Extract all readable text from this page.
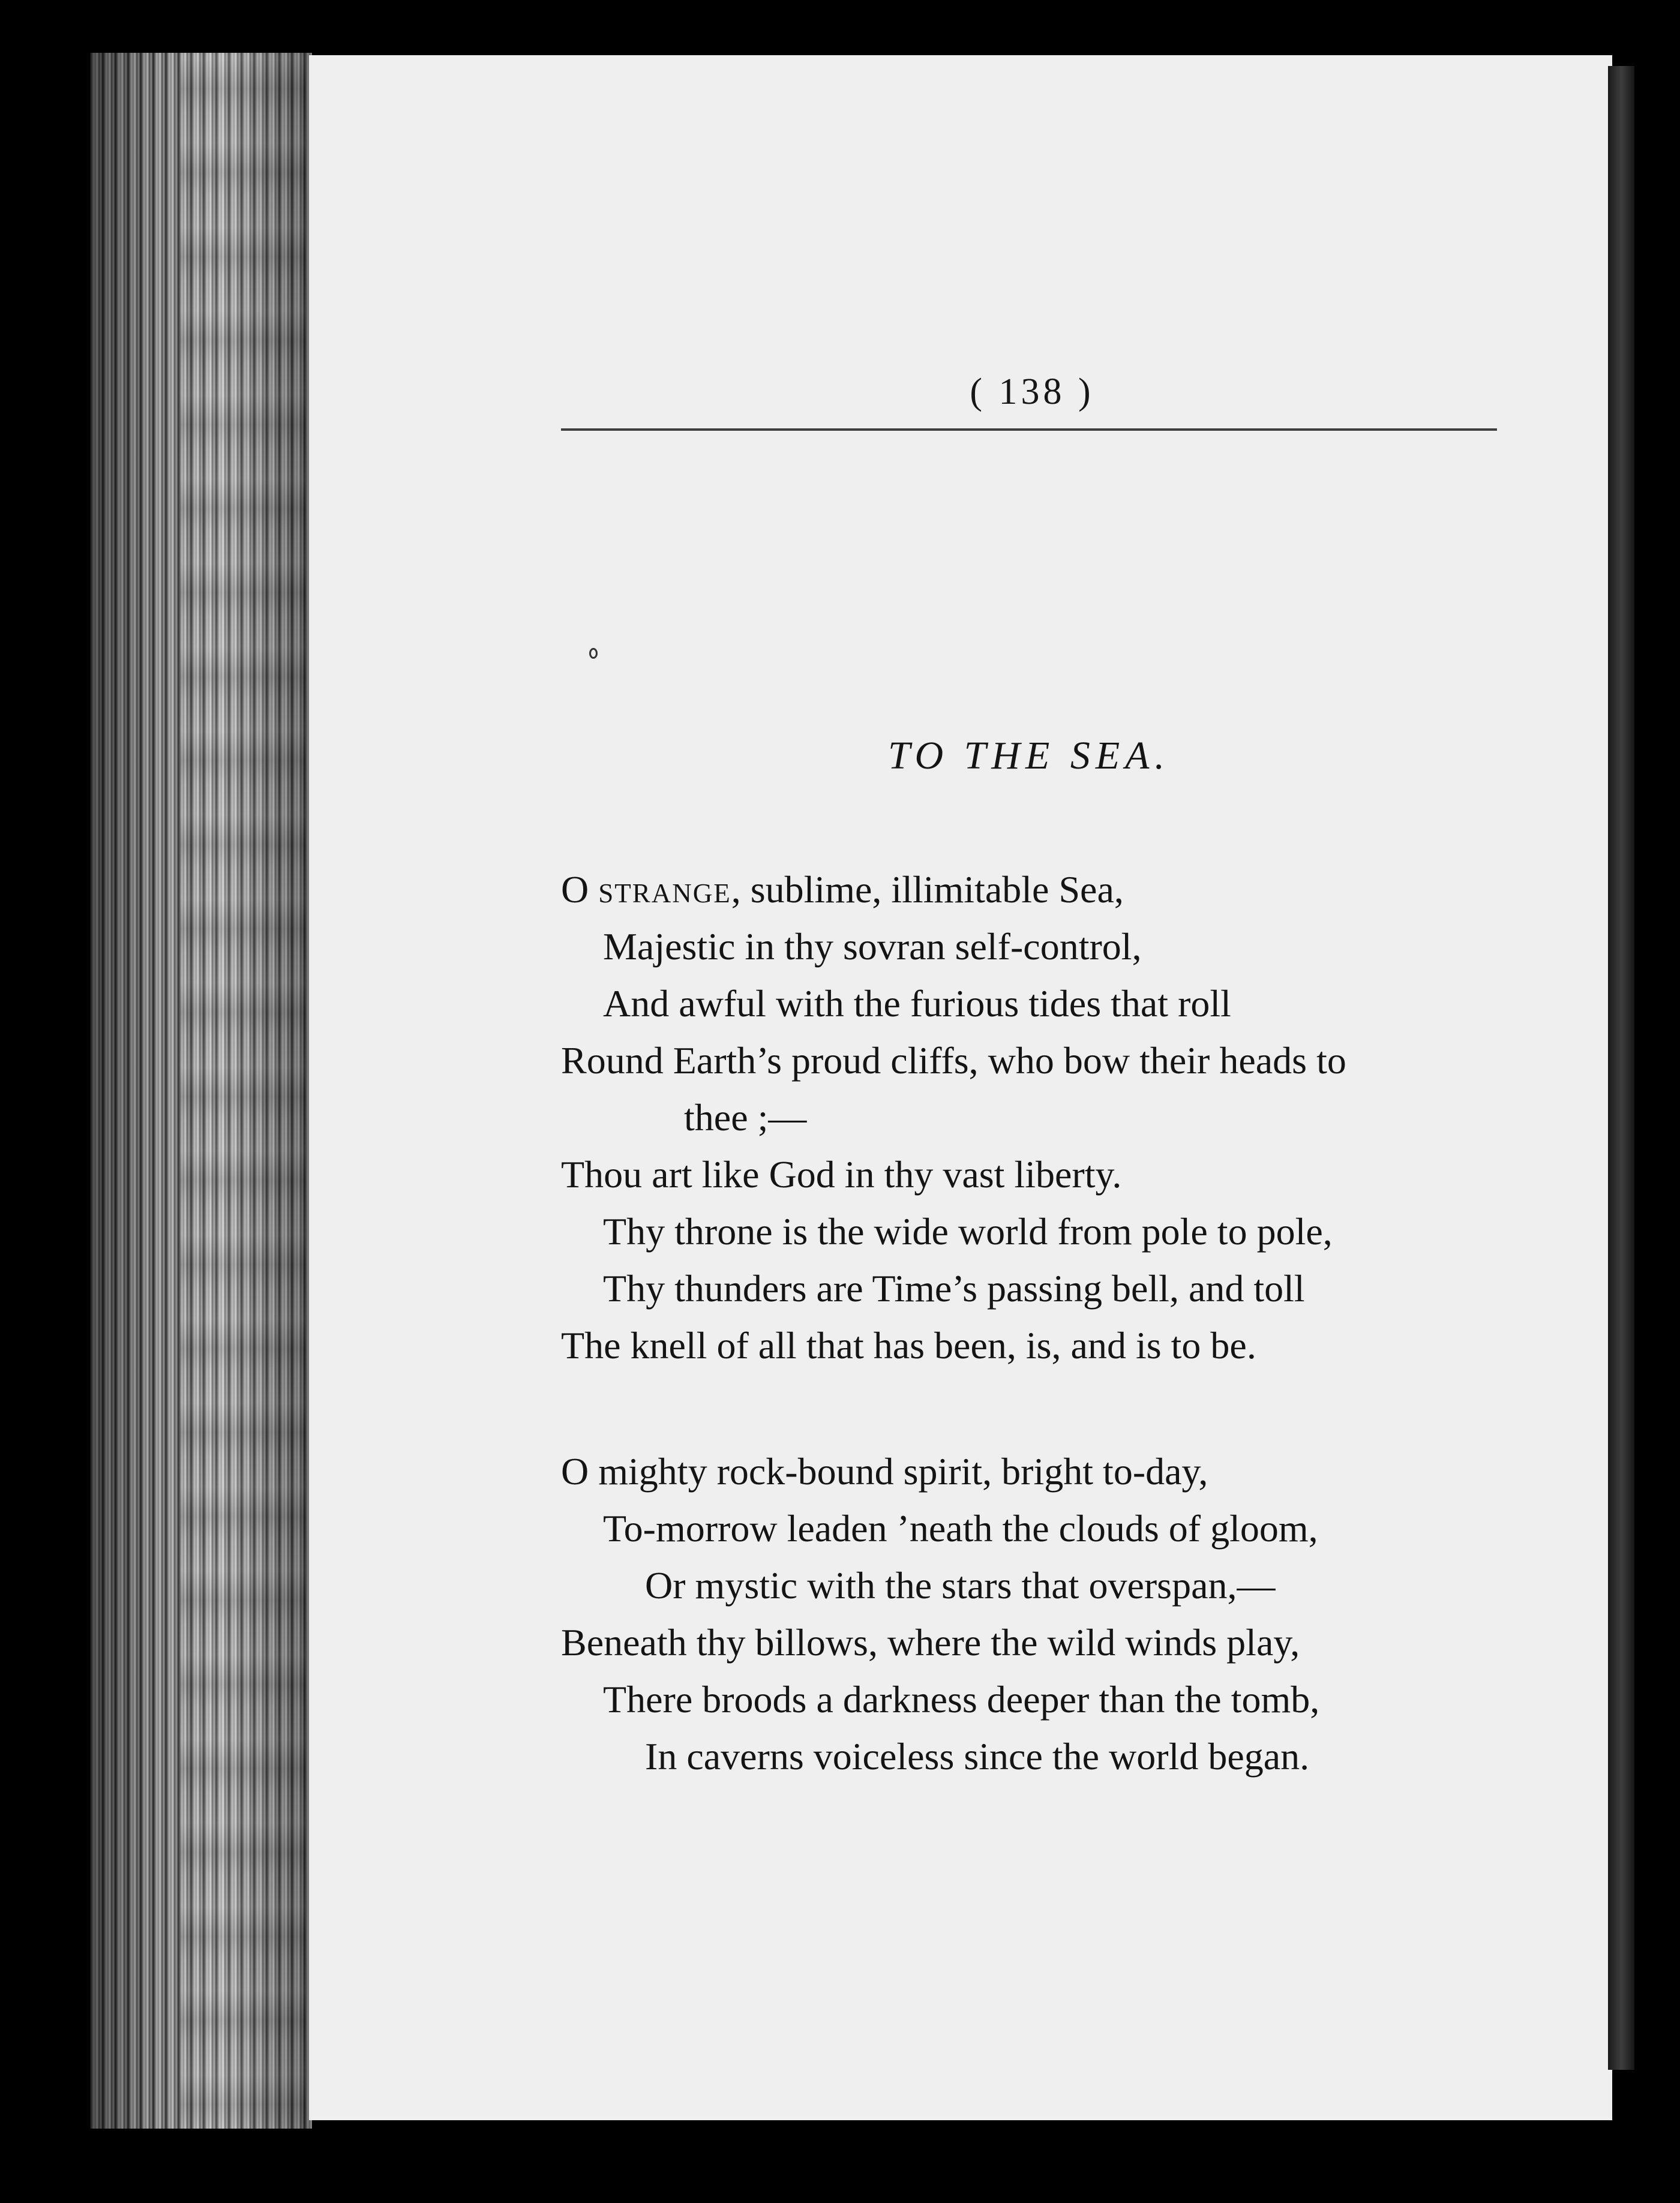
( 138 )

TO THE SEA.
O strange, sublime, illimitable Sea,
Majestic in thy sovran self-control,
And awful with the furious tides that roll
Round Earth’s proud cliffs, who bow their heads to
thee ;—
Thou art like God in thy vast liberty.
Thy throne is the wide world from pole to pole,
Thy thunders are Time’s passing bell, and toll
The knell of all that has been, is, and is to be.
O mighty rock-bound spirit, bright to-day,
To-morrow leaden ’neath the clouds of gloom,
Or mystic with the stars that overspan,—
Beneath thy billows, where the wild winds play,
There broods a darkness deeper than the tomb,
In caverns voiceless since the world began.
